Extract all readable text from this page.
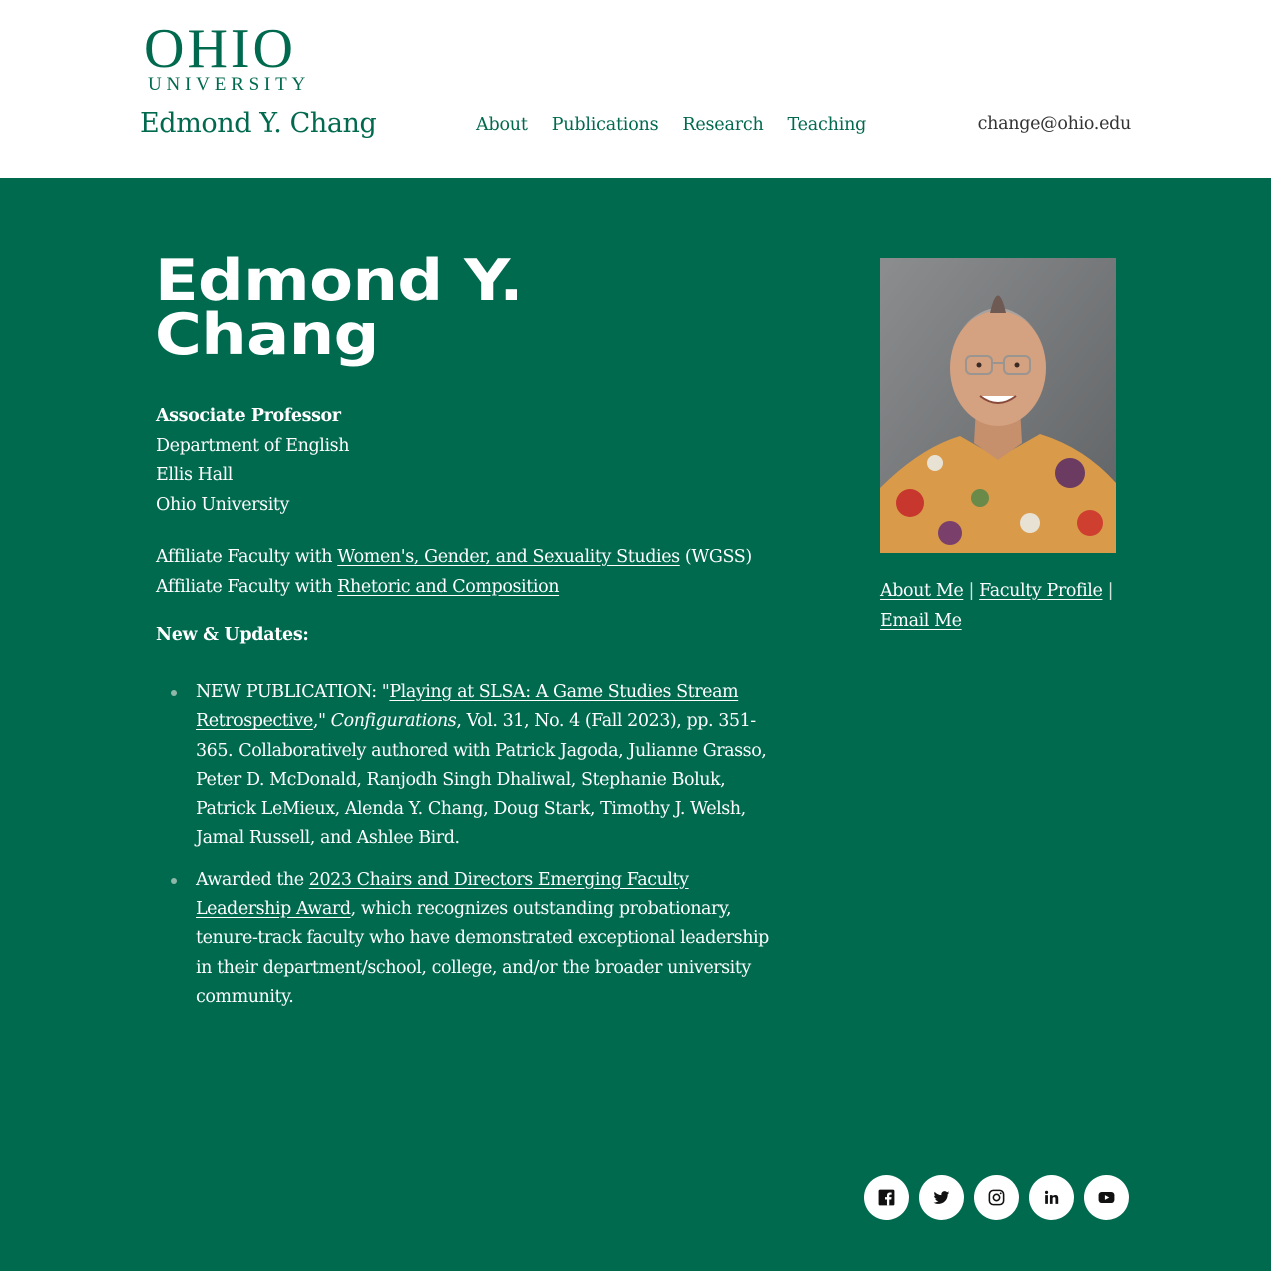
OHIO
UNIVERSITY
Edmond Y. Chang	About Publications Research Teaching	change@ohio.edu
Edmond Y.
Chang
Associate Professor
Department of English
Ellis Hall
Ohio University
Affiliate Faculty with Women's, Gender, and Sexuality Studies (WGSS)
Affiliate Faculty with Rhetoric and Composition
New & Updates:
NEW PUBLICATION: "Playing at SLSA: A Game Studies Stream Retrospective," Configurations, Vol. 31, No. 4 (Fall 2023), pp. 351-365. Collaboratively authored with Patrick Jagoda, Julianne Grasso, Peter D. McDonald, Ranjodh Singh Dhaliwal, Stephanie Boluk, Patrick LeMieux, Alenda Y. Chang, Doug Stark, Timothy J. Welsh, Jamal Russell, and Ashlee Bird.
Awarded the 2023 Chairs and Directors Emerging Faculty Leadership Award, which recognizes outstanding probationary, tenure-track faculty who have demonstrated exceptional leadership in their department/school, college, and/or the broader university community.
About Me | Faculty Profile | Email Me
